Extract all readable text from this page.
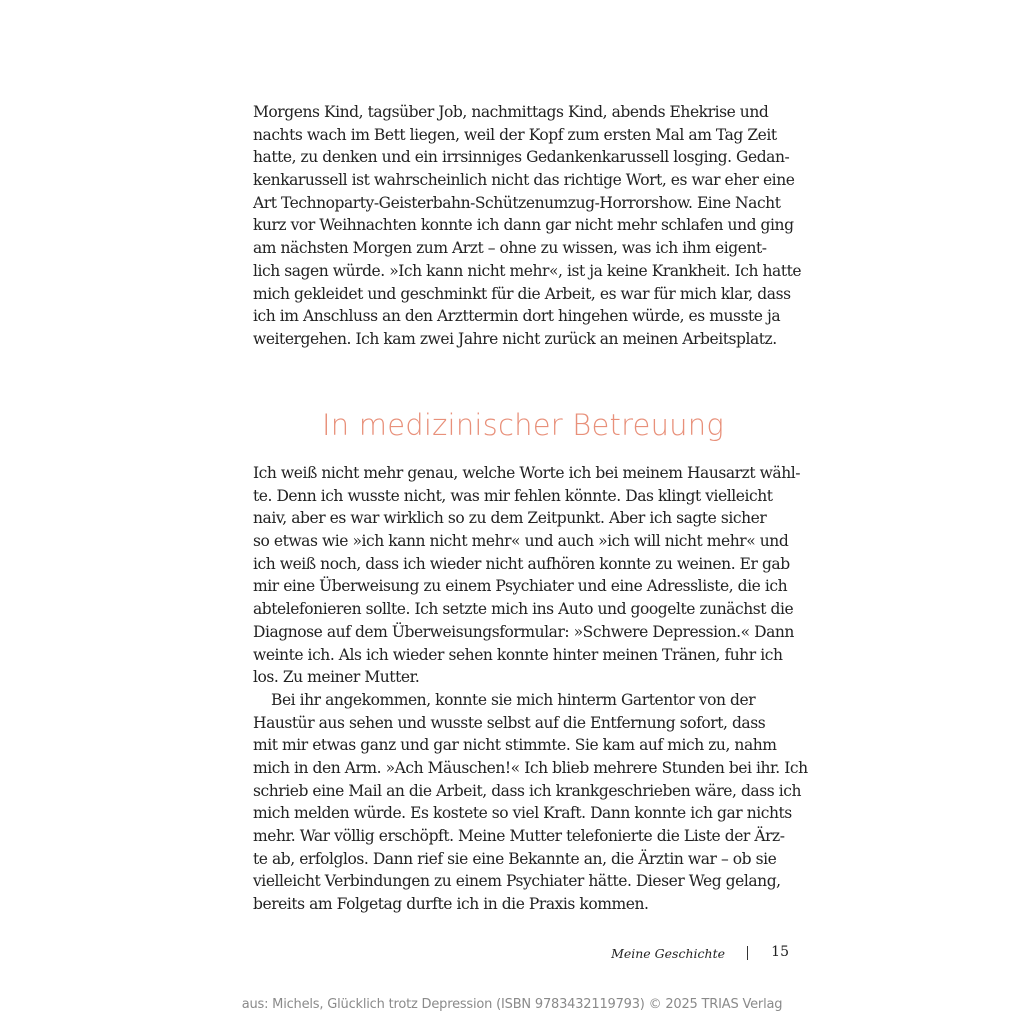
Morgens Kind, tagsüber Job, nachmittags Kind, abends Ehekrise und
nachts wach im Bett liegen, weil der Kopf zum ersten Mal am Tag Zeit
hatte, zu denken und ein irrsinniges Gedankenkarussell losging. Gedan-
kenkarussell ist wahrscheinlich nicht das richtige Wort, es war eher eine
Art Technoparty-Geisterbahn-Schützenumzug-Horrorshow. Eine Nacht
kurz vor Weihnachten konnte ich dann gar nicht mehr schlafen und ging
am nächsten Morgen zum Arzt – ohne zu wissen, was ich ihm eigent-
lich sagen würde. »Ich kann nicht mehr«, ist ja keine Krankheit. Ich hatte
mich gekleidet und geschminkt für die Arbeit, es war für mich klar, dass
ich im Anschluss an den Arzttermin dort hingehen würde, es musste ja
weitergehen. Ich kam zwei Jahre nicht zurück an meinen Arbeitsplatz.
In medizinischer Betreuung
Ich weiß nicht mehr genau, welche Worte ich bei meinem Hausarzt wähl-
te. Denn ich wusste nicht, was mir fehlen könnte. Das klingt vielleicht
naiv, aber es war wirklich so zu dem Zeitpunkt. Aber ich sagte sicher
so etwas wie »ich kann nicht mehr« und auch »ich will nicht mehr« und
ich weiß noch, dass ich wieder nicht aufhören konnte zu weinen. Er gab
mir eine Überweisung zu einem Psychiater und eine Adressliste, die ich
abtelefonieren sollte. Ich setzte mich ins Auto und googelte zunächst die
Diagnose auf dem Überweisungsformular: »Schwere Depression.« Dann
weinte ich. Als ich wieder sehen konnte hinter meinen Tränen, fuhr ich
los. Zu meiner Mutter.
Bei ihr angekommen, konnte sie mich hinterm Gartentor von der
Haustür aus sehen und wusste selbst auf die Entfernung sofort, dass
mit mir etwas ganz und gar nicht stimmte. Sie kam auf mich zu, nahm
mich in den Arm. »Ach Mäuschen!« Ich blieb mehrere Stunden bei ihr. Ich
schrieb eine Mail an die Arbeit, dass ich krankgeschrieben wäre, dass ich
mich melden würde. Es kostete so viel Kraft. Dann konnte ich gar nichts
mehr. War völlig erschöpft. Meine Mutter telefonierte die Liste der Ärz-
te ab, erfolglos. Dann rief sie eine Bekannte an, die Ärztin war – ob sie
vielleicht Verbindungen zu einem Psychiater hätte. Dieser Weg gelang,
bereits am Folgetag durfte ich in die Praxis kommen.
Meine Geschichte	15
aus: Michels, Glücklich trotz Depression (ISBN 9783432119793) © 2025 TRIAS Verlag
